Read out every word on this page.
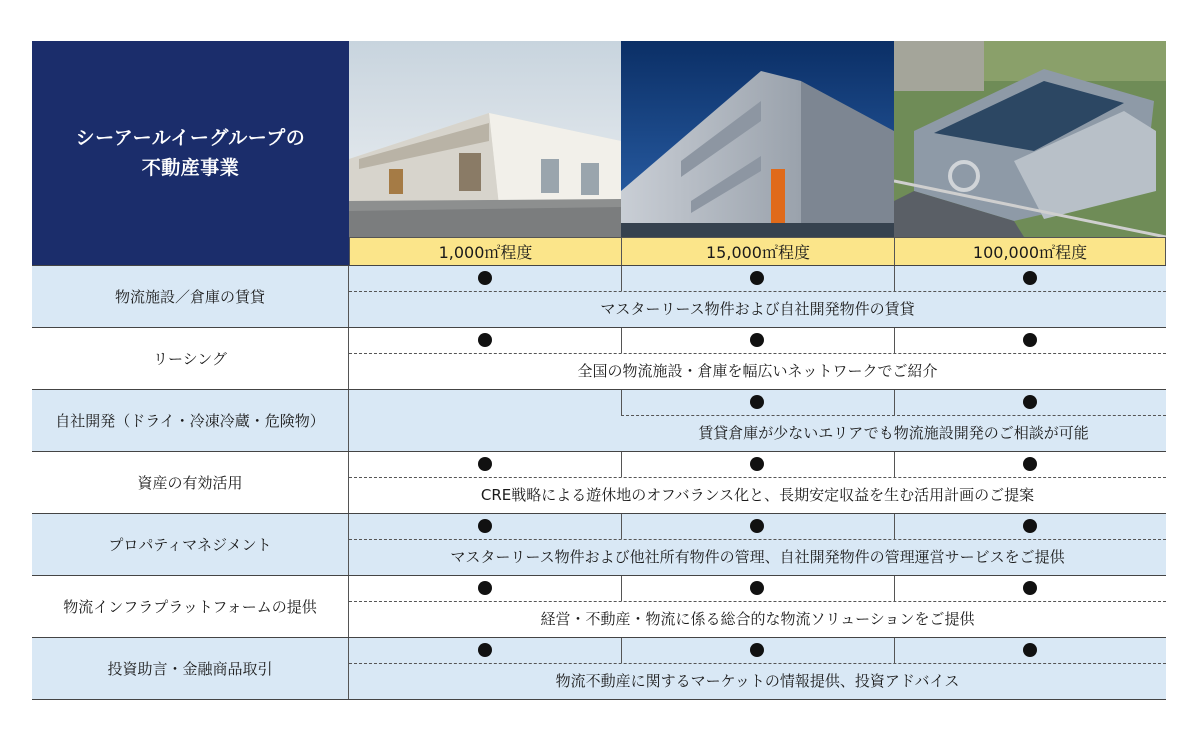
シーアールイーグループの
不動産事業
1,000㎡程度	15,000㎡程度	100,000㎡程度
物流施設／倉庫の賃貸
マスターリース物件および自社開発物件の賃貸
リーシング
全国の物流施設・倉庫を幅広いネットワークでご紹介
自社開発（ドライ・冷凍冷蔵・危険物）
賃貸倉庫が少ないエリアでも物流施設開発のご相談が可能
資産の有効活用
CRE戦略による遊休地のオフバランス化と、長期安定収益を生む活用計画のご提案
プロパティマネジメント
マスターリース物件および他社所有物件の管理、自社開発物件の管理運営サービスをご提供
物流インフラプラットフォームの提供
経営・不動産・物流に係る総合的な物流ソリューションをご提供
投資助言・金融商品取引
物流不動産に関するマーケットの情報提供、投資アドバイス
